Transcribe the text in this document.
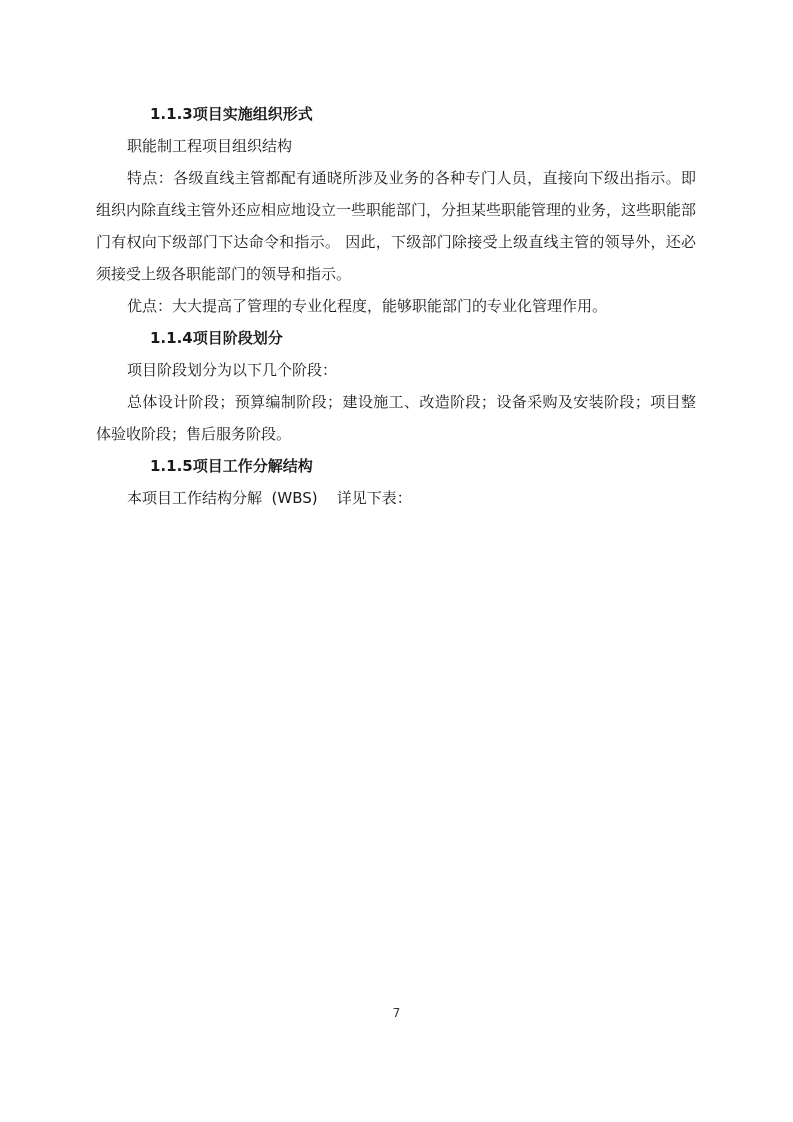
1.1.3项目实施组织形式
职能制工程项目组织结构

特点：各级直线主管都配有通晓所涉及业务的各种专门人员，直接向下级出指示。即组织内除直线主管外还应相应地设立一些职能部门，分担某些职能管理的业务，这些职能部门有权向下级部门下达命令和指示。 因此，下级部门除接受上级直线主管的领导外，还必须接受上级各职能部门的领导和指示。

优点：大大提高了管理的专业化程度，能够职能部门的专业化管理作用。

1.1.4项目阶段划分
项目阶段划分为以下几个阶段：

总体设计阶段；预算编制阶段；建设施工、改造阶段；设备采购及安装阶段；项目整体验收阶段；售后服务阶段。

1.1.5项目工作分解结构
本项目工作结构分解  (WBS)    详见下表：
7
